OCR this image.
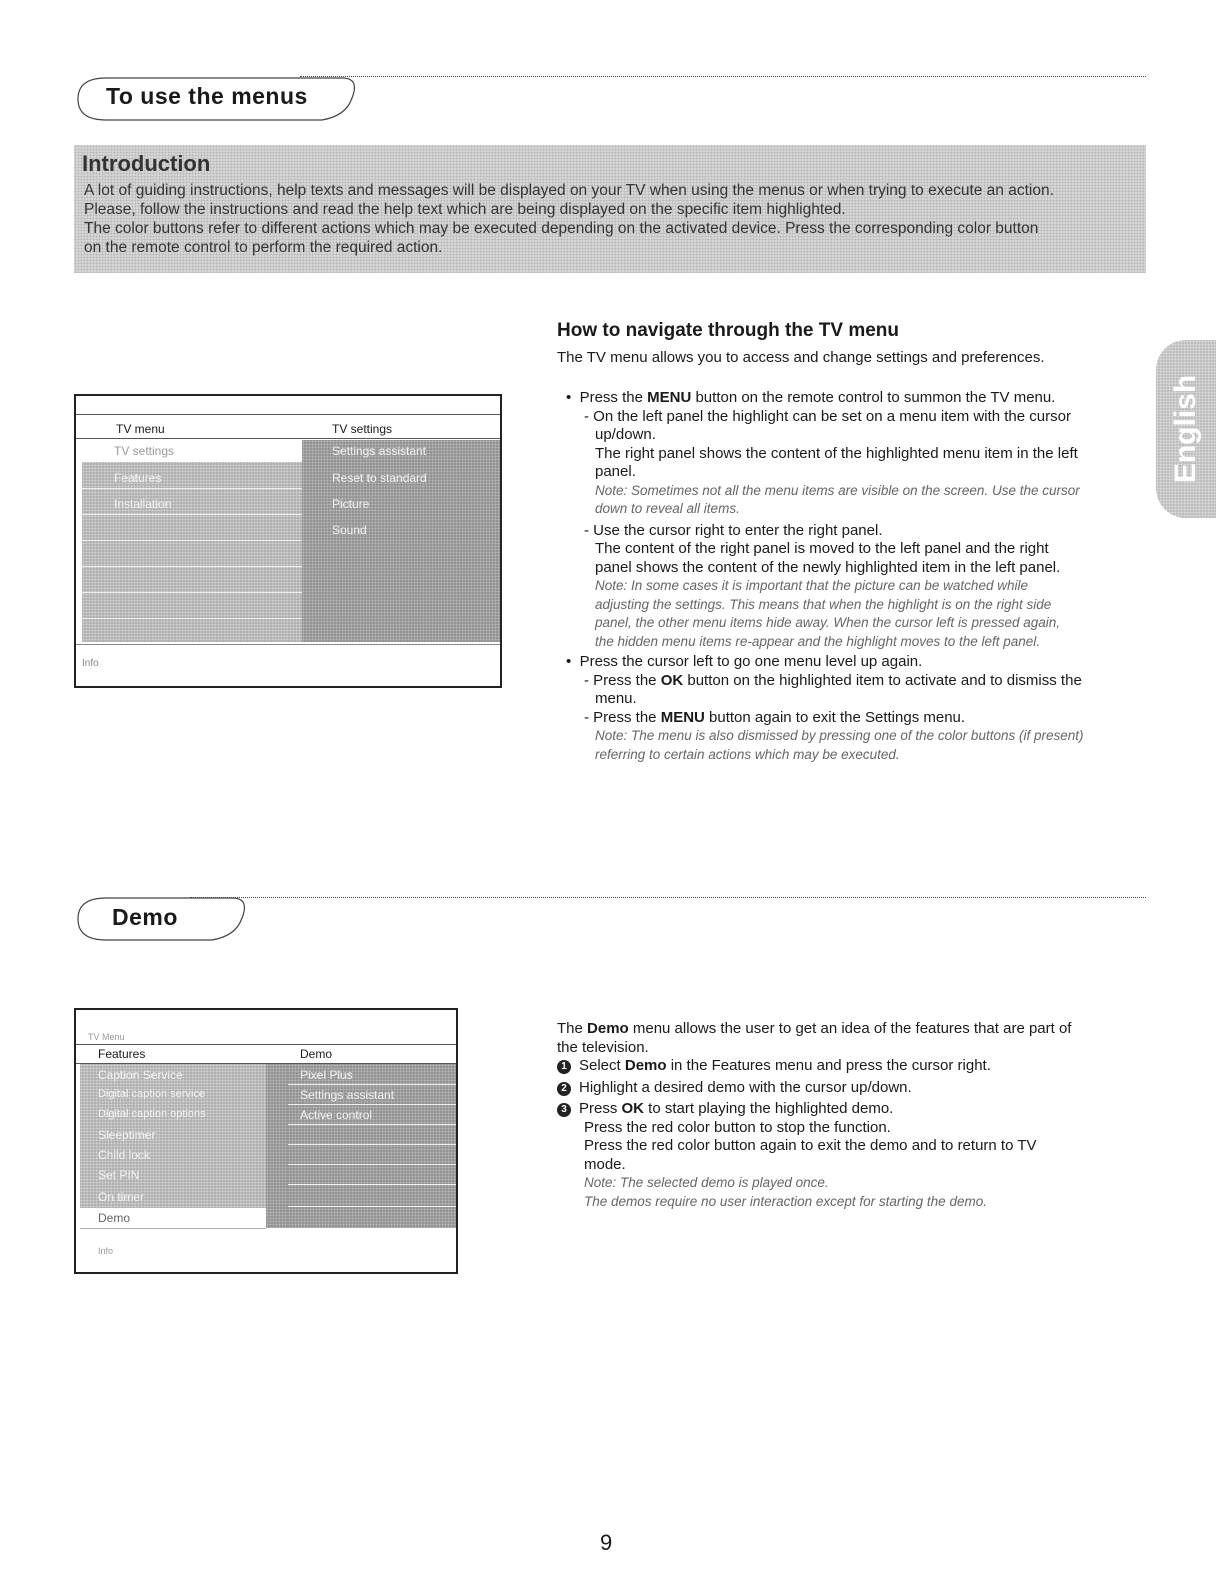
To use the menus
Introduction

A lot of guiding instructions, help texts and messages will be displayed on your TV when using the menus or when trying to execute an action.
Please, follow the instructions and read the help text which are being displayed on the specific item highlighted.
The color buttons refer to different actions which may be executed depending on the activated device. Press the corresponding color button
on the remote control to perform the required action.

English
How to navigate through the TV menu
The TV menu allows you to access and change settings and preferences.
•  Press the MENU button on the remote control to summon the TV menu.
- On the left panel the highlight can be set on a menu item with the cursor
up/down.
The right panel shows the content of the highlighted menu item in the left
panel.
Note: Sometimes not all the menu items are visible on the screen. Use the cursor
down to reveal all items.
- Use the cursor right to enter the right panel.
The content of the right panel is moved to the left panel and the right
panel shows the content of the newly highlighted item in the left panel.
Note: In some cases it is important that the picture can be watched while
adjusting the settings. This means that when the highlight is on the right side
panel, the other menu items hide away. When the cursor left is pressed again,
the hidden menu items re-appear and the highlight moves to the left panel.
•  Press the cursor left to go one menu level up again.
- Press the OK button on the highlighted item to activate and to dismiss the
menu.
- Press the MENU button again to exit the Settings menu.
Note: The menu is also dismissed by pressing one of the color buttons (if present)
referring to certain actions which may be executed.
TV menu	TV settings
TV settings
Features
Installation
Settings assistant
Reset to standard
Picture
Sound
Info
Demo
The Demo menu allows the user to get an idea of the features that are part of
the television.
1 Select Demo in the Features menu and press the cursor right.
2 Highlight a desired demo with the cursor up/down.
3 Press OK to start playing the highlighted demo.
Press the red color button to stop the function.
Press the red color button again to exit the demo and to return to TV
mode.
Note: The selected demo is played once.
The demos require no user interaction except for starting the demo.
TV Menu
Features	Demo
Caption Service
Digital caption service
Digital caption options
Sleeptimer
Child lock
Set PIN
On timer
Demo
Pixel Plus
Settings assistant
Active control
Info
9
